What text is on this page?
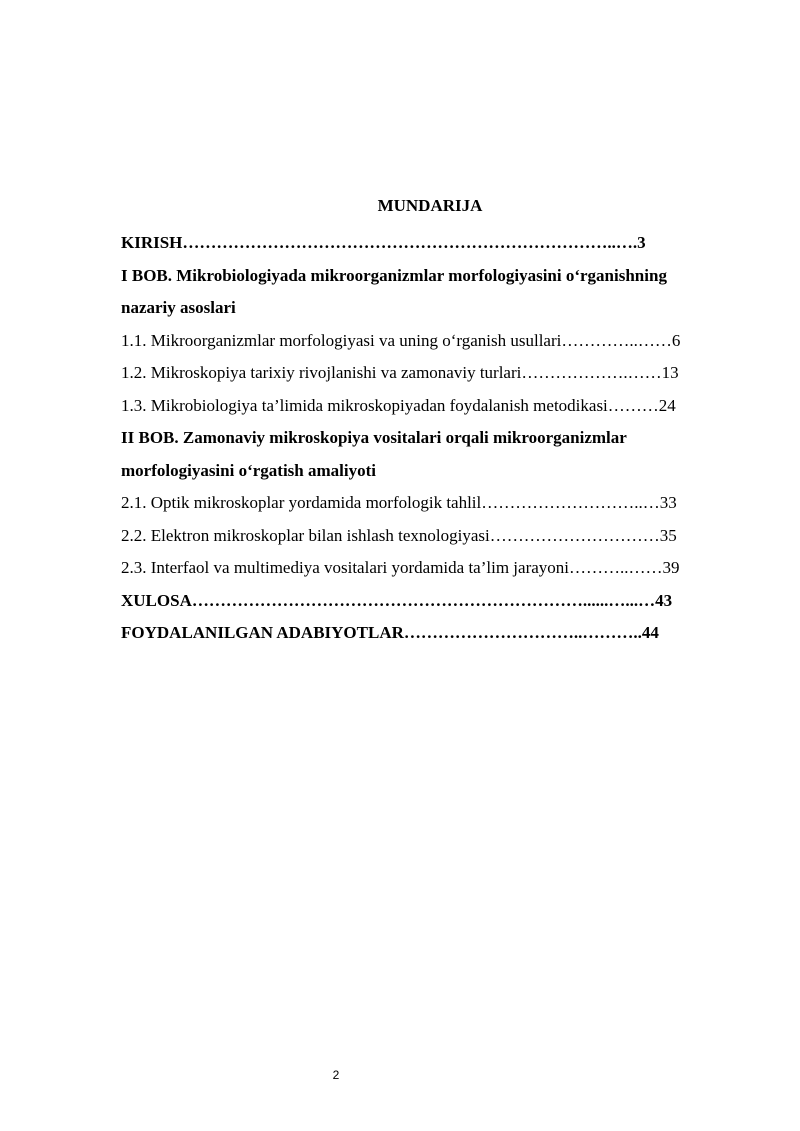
MUNDARIJA
KIRISH…………………………………………………………………..….3
I BOB. Mikrobiologiyada mikroorganizmlar morfologiyasini o‘rganishning
nazariy asoslari
1.1. Mikroorganizmlar morfologiyasi va uning o‘rganish usullari…………..……6
1.2. Mikroskopiya tarixiy rivojlanishi va zamonaviy turlari……………….……13
1.3. Mikrobiologiya ta’limida mikroskopiyadan foydalanish metodikasi………24
II BOB. Zamonaviy mikroskopiya vositalari orqali mikroorganizmlar
morfologiyasini o‘rgatish amaliyoti
2.1. Optik mikroskoplar yordamida morfologik tahlil………………………..…33
2.2. Elektron mikroskoplar bilan ishlash texnologiyasi…………………………35
2.3. Interfaol va multimediya vositalari yordamida ta’lim jarayoni………..……39
XULOSA……………………………………………………………......…...…43
FOYDALANILGAN ADABIYOTLAR…………………………..………..44
2
